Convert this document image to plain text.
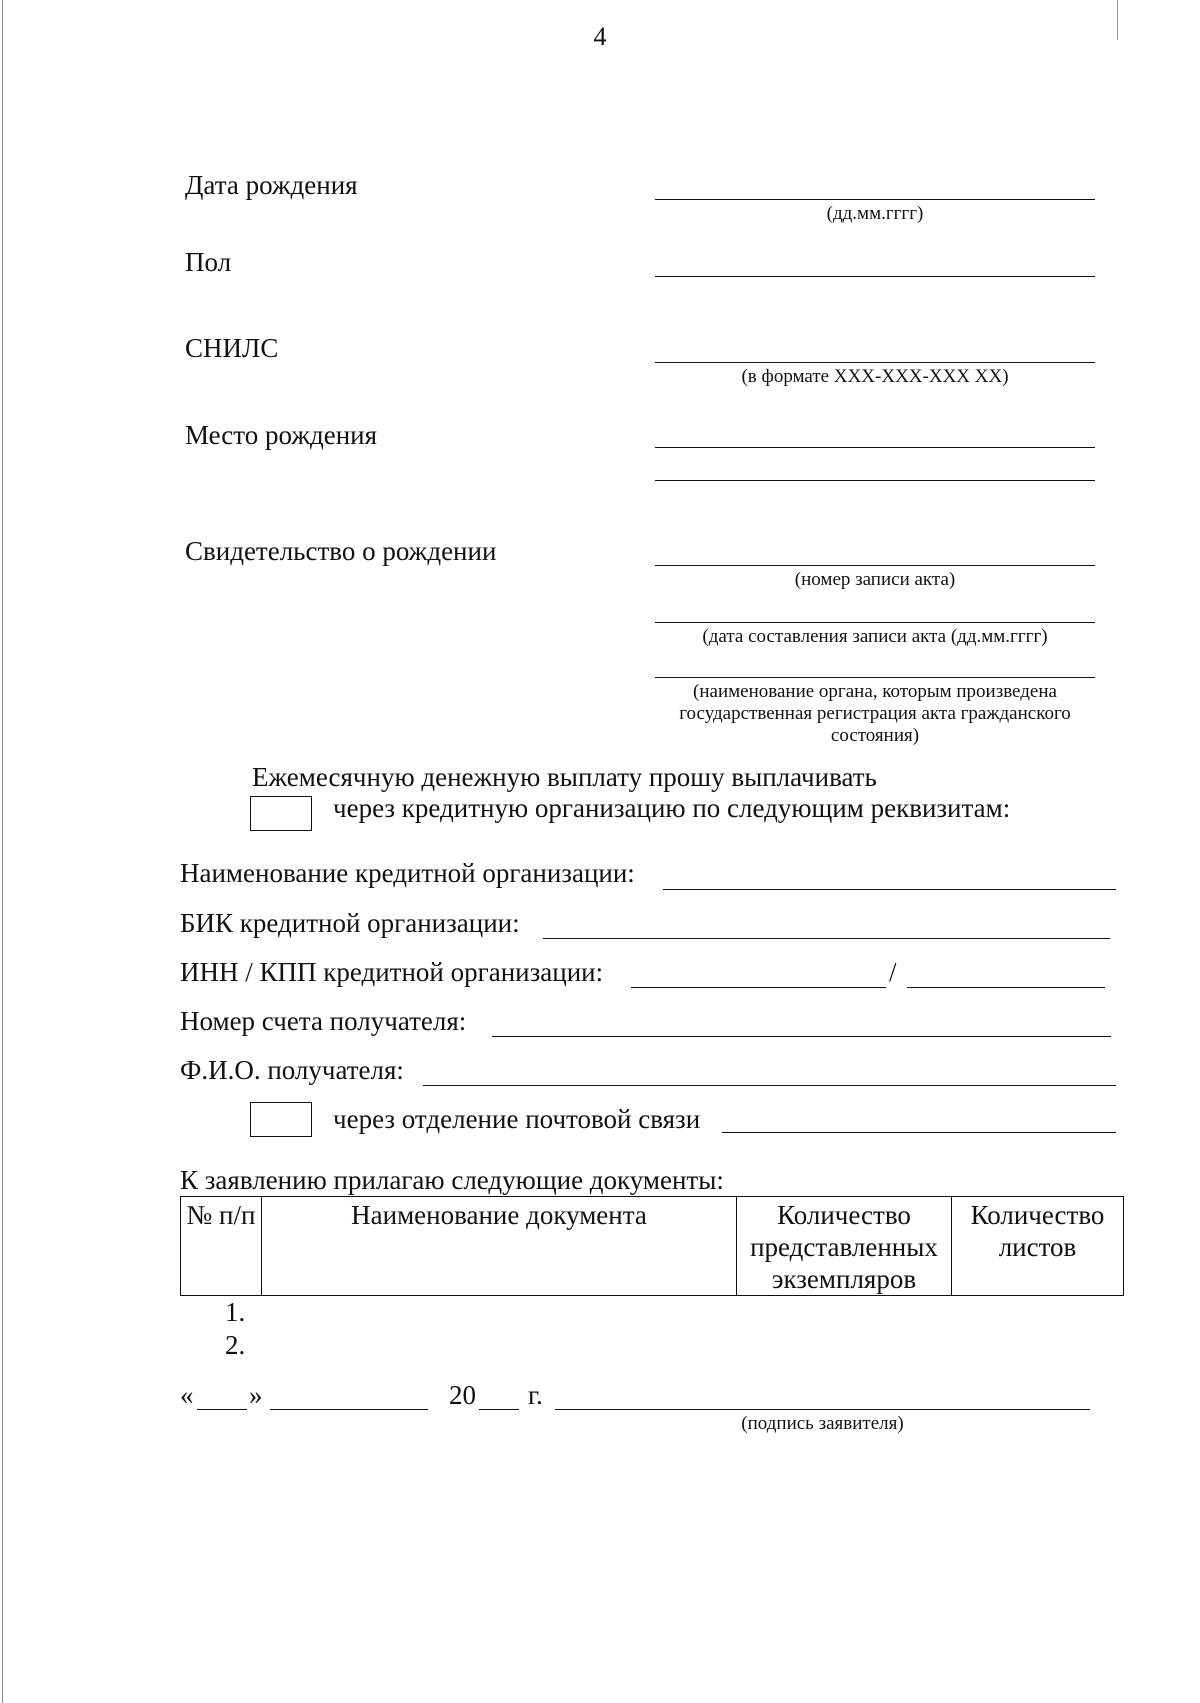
4
Дата рождения
(дд.мм.гггг)
Пол
СНИЛС
(в формате XXX-XXX-XXX XX)
Место рождения
Свидетельство о рождении
(номер записи акта)
(дата составления записи акта (дд.мм.гггг)
(наименование органа, которым произведена государственная регистрация акта гражданского состояния)
Ежемесячную денежную выплату прошу выплачивать
через кредитную организацию по следующим реквизитам:
Наименование кредитной организации:
БИК кредитной организации:
ИНН / КПП кредитной организации:	/
Номер счета получателя:
Ф.И.О. получателя:
через отделение почтовой связи
К заявлению прилагаю следующие документы:
№ п/п	Наименование документа	Количество представленных экземпляров	Количество листов
1.
2.
« »	20 г.
(подпись заявителя)
